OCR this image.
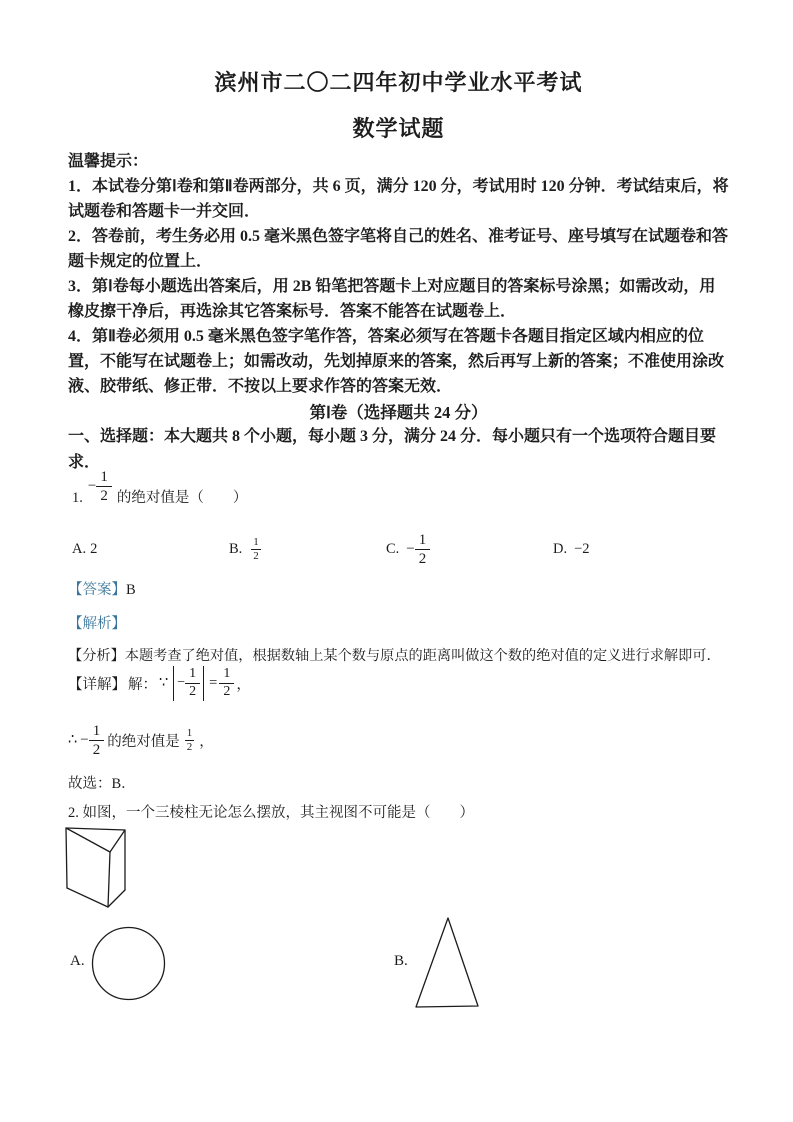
滨州市二〇二四年初中学业水平考试
数学试题

温馨提示：

1．本试卷分第Ⅰ卷和第Ⅱ卷两部分，共 6 页，满分 120 分，考试用时 120 分钟．考试结束后，将试题卷和答题卡一并交回．

2．答卷前，考生务必用 0.5 毫米黑色签字笔将自己的姓名、准考证号、座号填写在试题卷和答题卡规定的位置上．

3．第Ⅰ卷每小题选出答案后，用 2B 铅笔把答题卡上对应题目的答案标号涂黑；如需改动，用橡皮擦干净后，再选涂其它答案标号．答案不能答在试题卷上．

4．第Ⅱ卷必须用 0.5 毫米黑色签字笔作答，答案必须写在答题卡各题目指定区域内相应的位置，不能写在试题卷上；如需改动，先划掉原来的答案，然后再写上新的答案；不准使用涂改液、胶带纸、修正带．不按以上要求作答的答案无效．

第Ⅰ卷（选择题共 24 分）
一、选择题：本大题共 8 个小题，每小题 3 分，满分 24 分．每小题只有一个选项符合题目要求．
1.
− $\frac{1}{2}$ 的绝对值是（　　）
A. 2	B. $\frac{1}{2}$	C. − $\frac{1}{2}$	D. −2
【答案】B
【解析】
【分析】本题考查了绝对值，根据数轴上某个数与原点的距离叫做这个数的绝对值的定义进行求解即可．
【详解】 解： ∵ − $\frac{1}{2} = \frac{1}{2}$ ，
∴ − $\frac{1}{2}$ 的绝对值是 $\frac{1}{2}$ ，
故选：B．
2. 如图，一个三棱柱无论怎么摆放，其主视图不可能是（　　）
A.	B.
